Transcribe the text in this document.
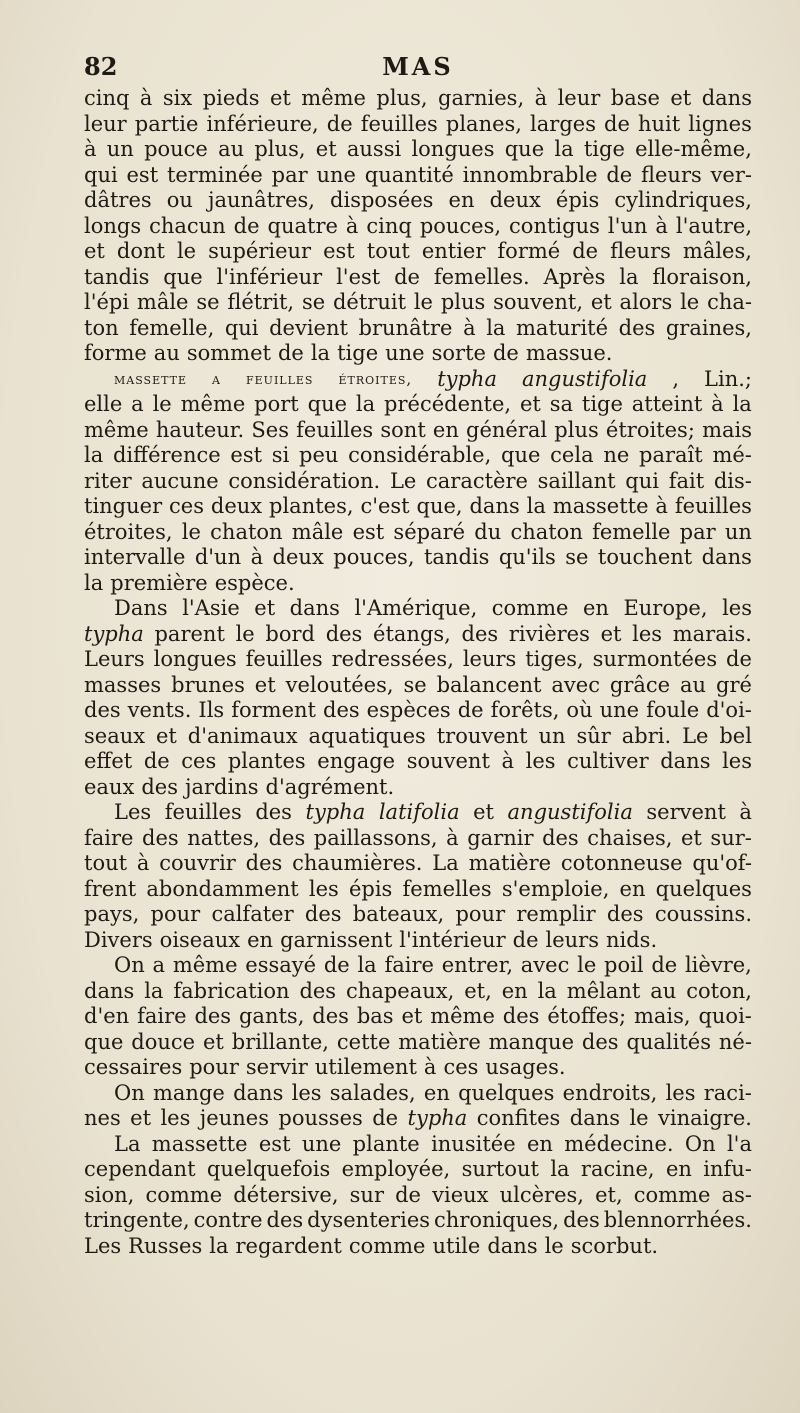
82	MAS
cinq à six pieds et même plus, garnies, à leur base et dans
leur partie inférieure, de feuilles planes, larges de huit lignes
à un pouce au plus, et aussi longues que la tige elle-même,
qui est terminée par une quantité innombrable de fleurs ver-
dâtres ou jaunâtres, disposées en deux épis cylindriques,
longs chacun de quatre à cinq pouces, contigus l'un à l'autre,
et dont le supérieur est tout entier formé de fleurs mâles,
tandis que l'inférieur l'est de femelles. Après la floraison,
l'épi mâle se flétrit, se détruit le plus souvent, et alors le cha-
ton femelle, qui devient brunâtre à la maturité des graines,
forme au sommet de la tige une sorte de massue.
massette a feuilles étroites, typha angustifolia , Lin.;
elle a le même port que la précédente, et sa tige atteint à la
même hauteur. Ses feuilles sont en général plus étroites; mais
la différence est si peu considérable, que cela ne paraît mé-
riter aucune considération. Le caractère saillant qui fait dis-
tinguer ces deux plantes, c'est que, dans la massette à feuilles
étroites, le chaton mâle est séparé du chaton femelle par un
intervalle d'un à deux pouces, tandis qu'ils se touchent dans
la première espèce.
Dans l'Asie et dans l'Amérique, comme en Europe, les
typha parent le bord des étangs, des rivières et les marais.
Leurs longues feuilles redressées, leurs tiges, surmontées de
masses brunes et veloutées, se balancent avec grâce au gré
des vents. Ils forment des espèces de forêts, où une foule d'oi-
seaux et d'animaux aquatiques trouvent un sûr abri. Le bel
effet de ces plantes engage souvent à les cultiver dans les
eaux des jardins d'agrément.
Les feuilles des typha latifolia et angustifolia servent à
faire des nattes, des paillassons, à garnir des chaises, et sur-
tout à couvrir des chaumières. La matière cotonneuse qu'of-
frent abondamment les épis femelles s'emploie, en quelques
pays, pour calfater des bateaux, pour remplir des coussins.
Divers oiseaux en garnissent l'intérieur de leurs nids.
On a même essayé de la faire entrer, avec le poil de lièvre,
dans la fabrication des chapeaux, et, en la mêlant au coton,
d'en faire des gants, des bas et même des étoffes; mais, quoi-
que douce et brillante, cette matière manque des qualités né-
cessaires pour servir utilement à ces usages.
On mange dans les salades, en quelques endroits, les raci-
nes et les jeunes pousses de typha confites dans le vinaigre.
La massette est une plante inusitée en médecine. On l'a
cependant quelquefois employée, surtout la racine, en infu-
sion, comme détersive, sur de vieux ulcères, et, comme as-
tringente, contre des dysenteries chroniques, des blennorrhées.
Les Russes la regardent comme utile dans le scorbut.
